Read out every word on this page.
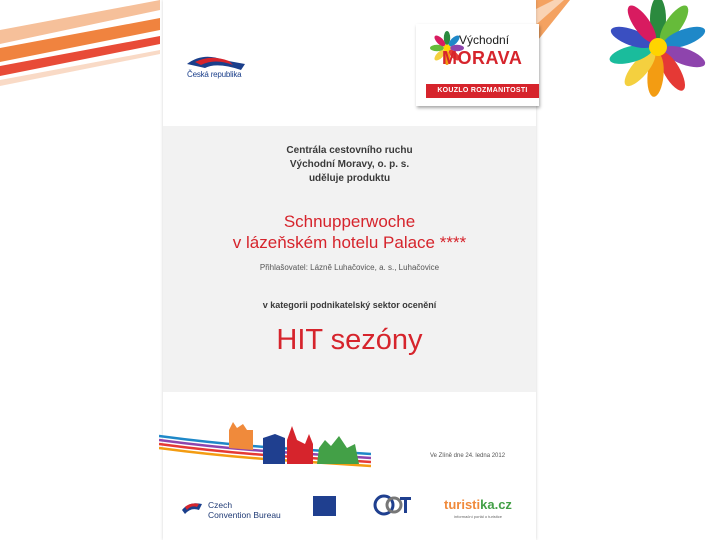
Česká republika
Východní
MORAVA
KOUZLO ROZMANITOSTI
Centrála cestovního ruchu
Východní Moravy, o. p. s.
uděluje produktu
Schnupperwoche
v lázeňském hotelu Palace ****
Přihlašovatel: Lázně Luhačovice, a. s., Luhačovice
v kategorii podnikatelský sektor ocenění
HIT sezóny
Ve Zlíně dne 24. ledna 2012
Czech
Convention Bureau
turistika.cz
informační portál o turistice
